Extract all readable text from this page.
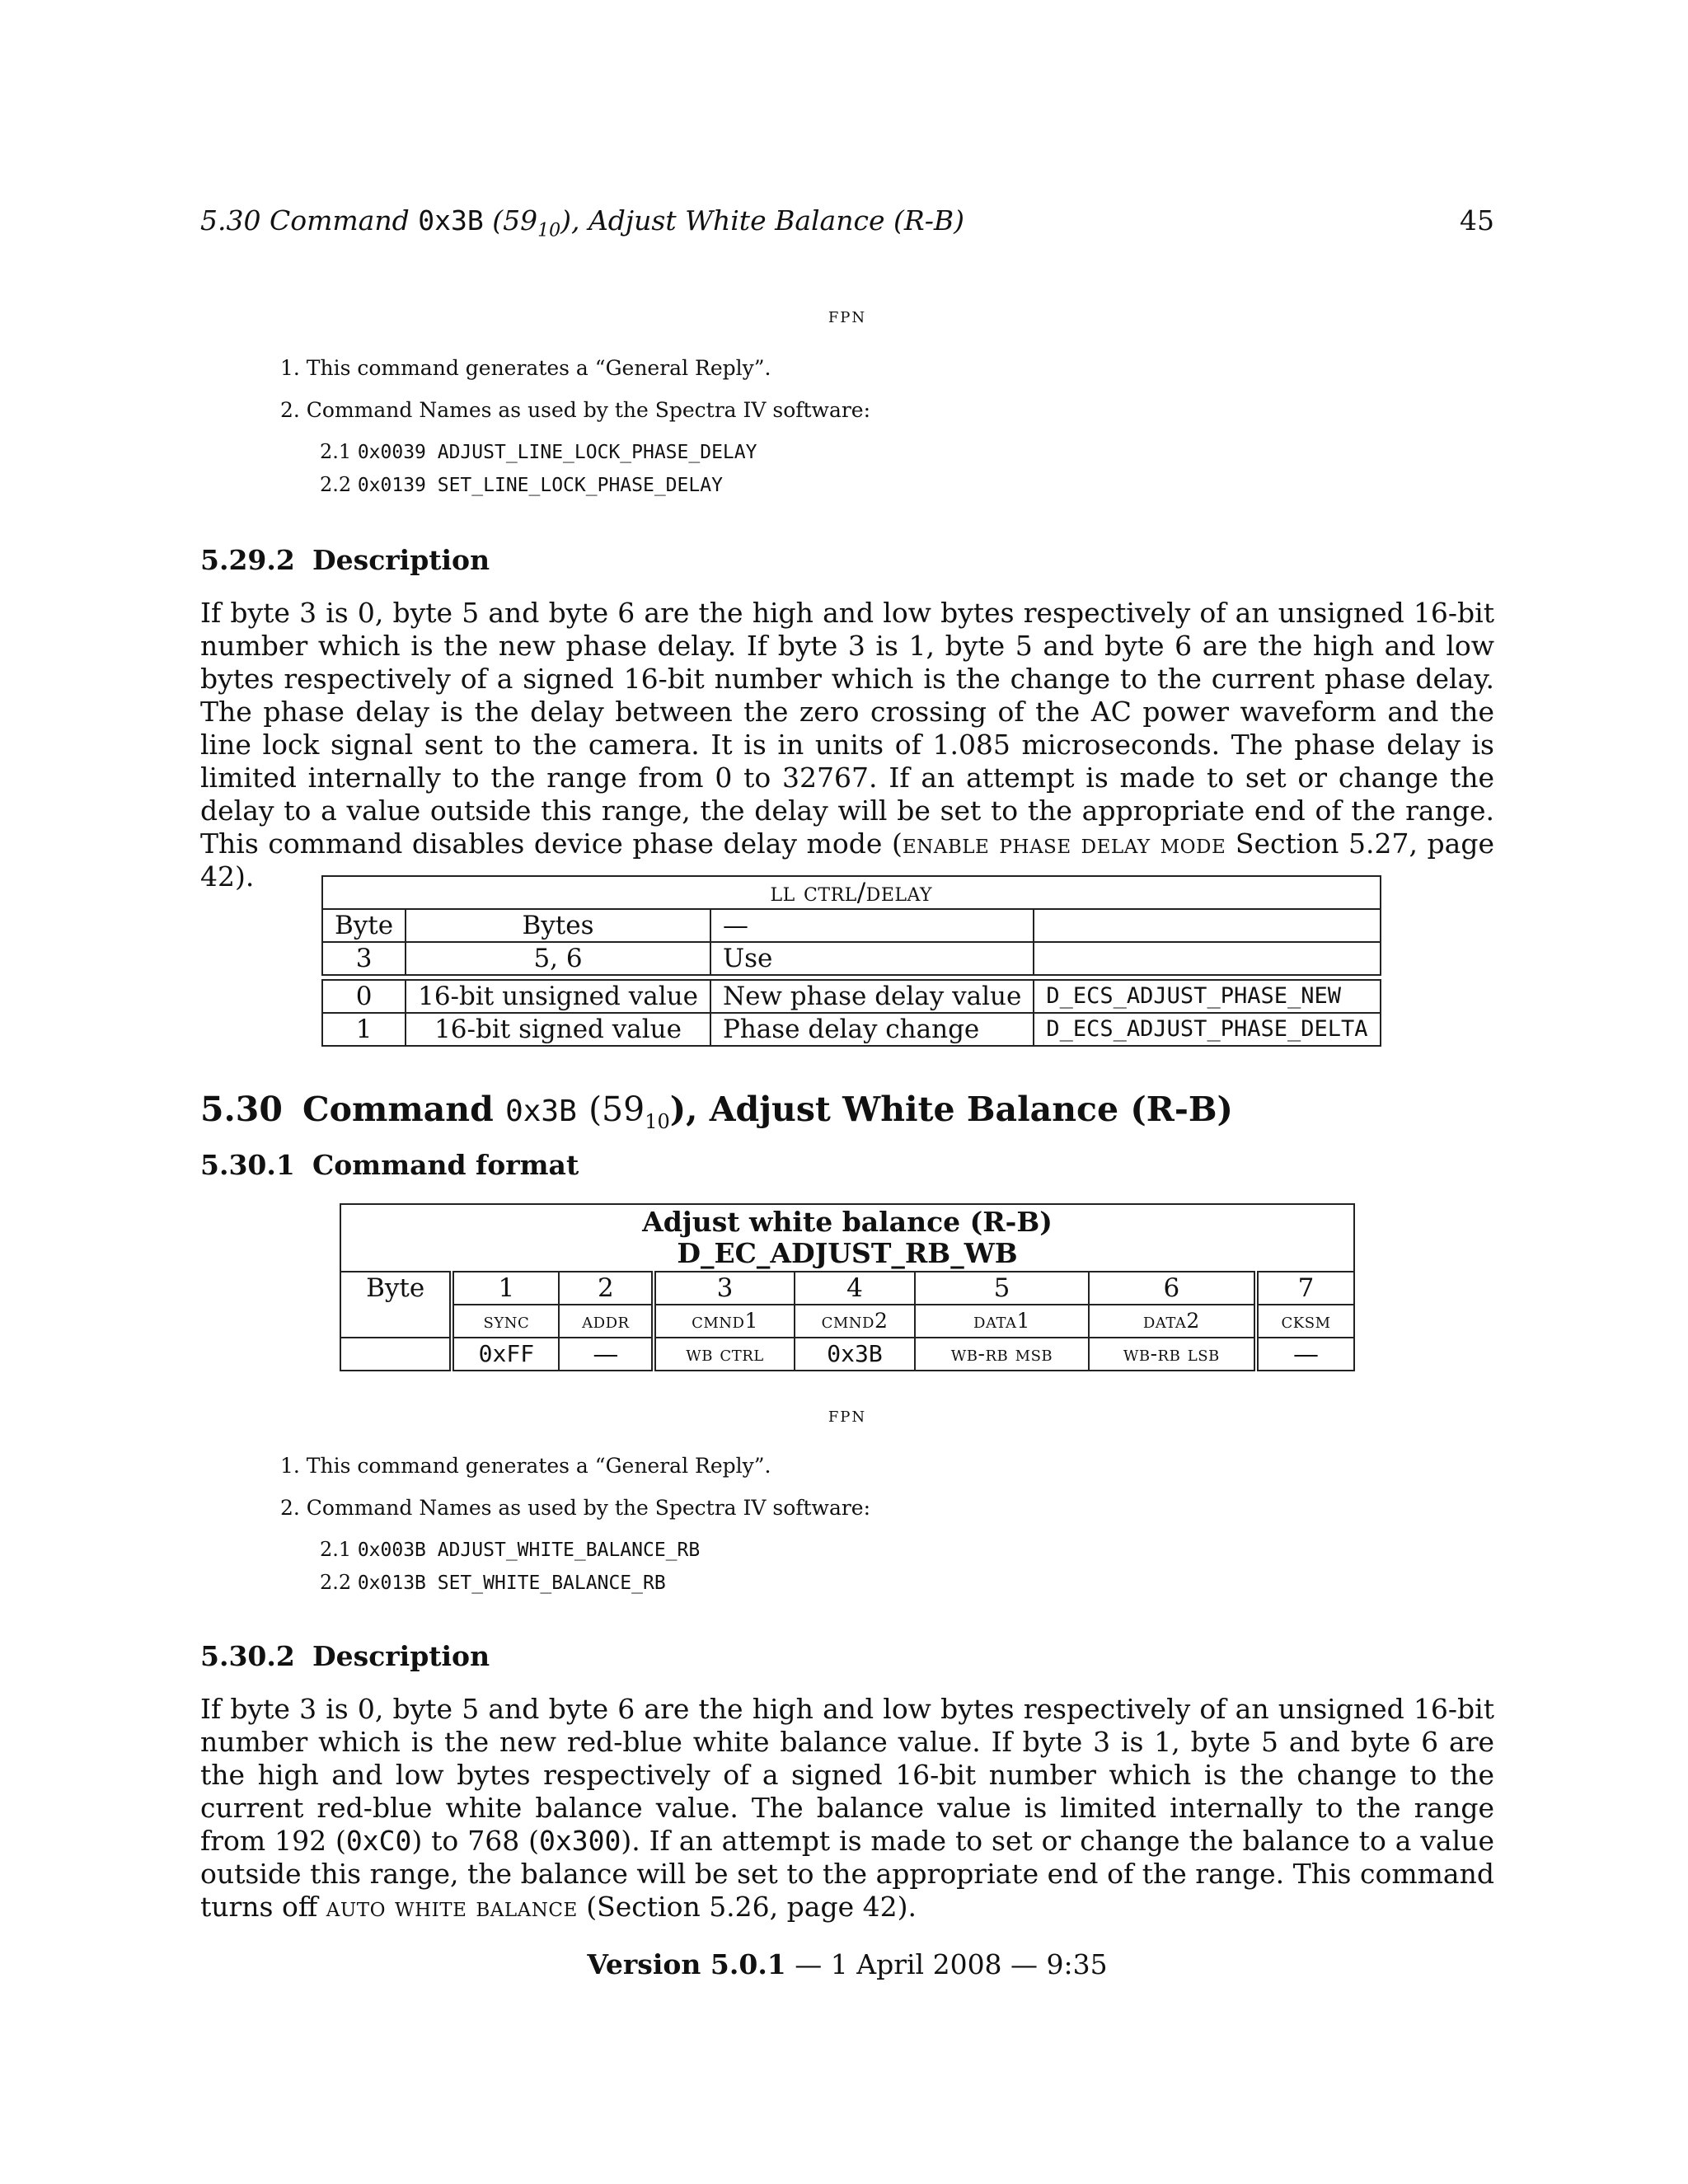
5.30 Command 0x3B $(59_{10})$, Adjust White Balance (R-B)	45
fpn
1. This command generates a “General Reply”.
2. Command Names as used by the Spectra IV software:
2.1 0x0039 ADJUST_LINE_LOCK_PHASE_DELAY
2.2 0x0139 SET_LINE_LOCK_PHASE_DELAY
5.29.2 Description
If byte 3 is 0, byte 5 and byte 6 are the high and low bytes respectively of an unsigned 16-bit number which is the new phase delay. If byte 3 is 1, byte 5 and byte 6 are the high and low bytes respectively of a signed 16-bit number which is the change to the current phase delay. The phase delay is the delay between the zero crossing of the AC power waveform and the line lock signal sent to the camera. It is in units of 1.085 microseconds. The phase delay is limited internally to the range from 0 to 32767. If an attempt is made to set or change the delay to a value outside this range, the delay will be set to the appropriate end of the range. This command disables device phase delay mode (enable phase delay mode Section 5.27, page 42).	ll ctrl/delay			
Byte	Bytes	—	
3	5, 6	Use	

0	16-bit unsigned value	New phase delay value	D_ECS_ADJUST_PHASE_NEW
1	16-bit signed value	Phase delay change	D_ECS_ADJUST_PHASE_DELTA
5.30 Command 0x3B $(59_{10})$, Adjust White Balance (R-B)
5.30.1 Command format
Adjust white balance (R-B)
D_EC_ADJUST_RB_WB							

Byte	1	2	3	4	5	6	7
	sync	addr	cmnd1	cmnd2	data1	data2	cksm
	0xFF	—	wb ctrl	0x3B	wb-rb msb	wb-rb lsb	—
fpn
1. This command generates a “General Reply”.
2. Command Names as used by the Spectra IV software:
2.1 0x003B ADJUST_WHITE_BALANCE_RB
2.2 0x013B SET_WHITE_BALANCE_RB
5.30.2 Description
If byte 3 is 0, byte 5 and byte 6 are the high and low bytes respectively of an unsigned 16-bit number which is the new red-blue white balance value. If byte 3 is 1, byte 5 and byte 6 are the high and low bytes respectively of a signed 16-bit number which is the change to the current red-blue white balance value. The balance value is limited internally to the range from 192 (0xC0) to 768 (0x300). If an attempt is made to set or change the balance to a value outside this range, the balance will be set to the appropriate end of the range. This command turns off auto white balance (Section 5.26, page 42).
Version 5.0.1 — 1 April 2008 — 9:35
